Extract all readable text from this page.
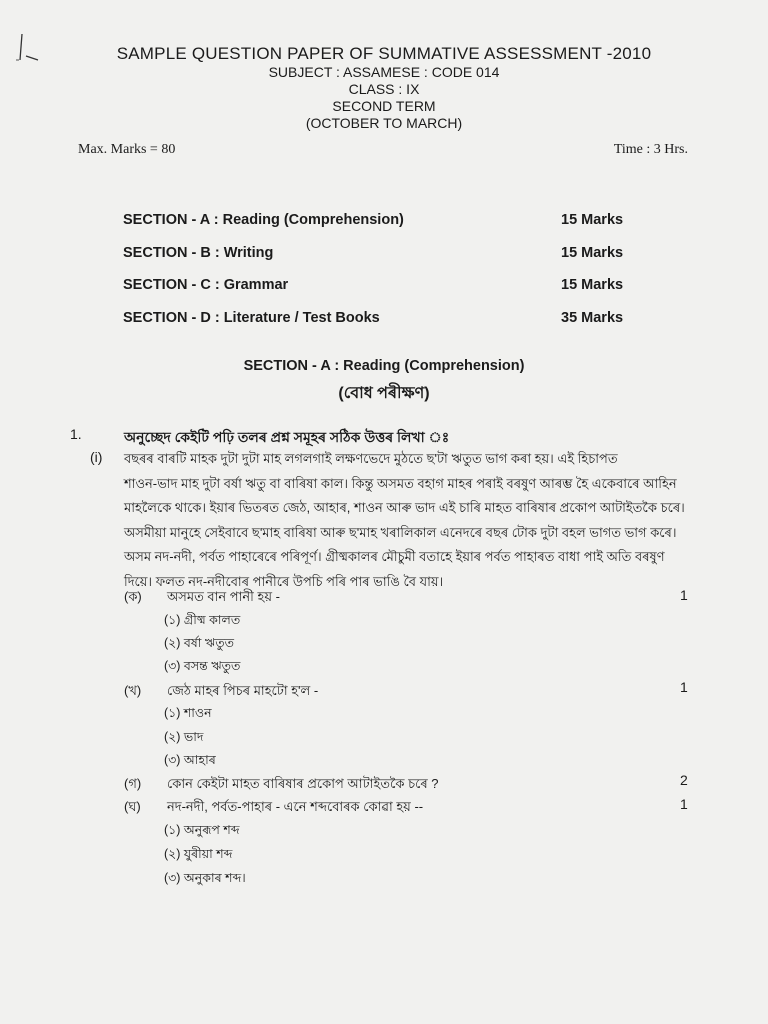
SAMPLE QUESTION PAPER OF SUMMATIVE ASSESSMENT -2010
SUBJECT : ASSAMESE : CODE 014
CLASS : IX
SECOND TERM
(OCTOBER TO MARCH)
Max. Marks = 80	Time : 3 Hrs.
SECTION - A : Reading (Comprehension)	15 Marks
SECTION - B : Writing	15 Marks
SECTION - C : Grammar	15 Marks
SECTION - D : Literature / Test Books	35 Marks
SECTION - A : Reading (Comprehension)
(বোধ পৰীক্ষণ)
1.	অনুচ্ছেদ কেইটি পঢ়ি তলৰ প্ৰশ্ন সমূহৰ সঠিক উত্তৰ লিখা ঃ
(i) বছৰৰ বাৰটি মাহক দুটা দুটা মাহ লগলগাই লক্ষণভেদে মুঠতে ছ'টা ঋতুত ভাগ কৰা হয়। এই হিচাপত
শাওন-ভাদ মাহ দুটা বৰ্ষা ঋতু বা বাৰিষা কাল। কিন্তু অসমত বহাগ মাহৰ পৰাই বৰষুণ আৰম্ভ হৈ একেবাৰে আহিন
মাহলৈকে থাকে। ইয়াৰ ভিতৰত জেঠ, আহাৰ, শাওন আৰু ভাদ এই চাৰি মাহত বাৰিষাৰ প্ৰকোপ আটাইতকৈ চৰে।
অসমীয়া মানুহে সেইবাবে ছ'মাহ বাৰিষা আৰু ছ'মাহ খৰালিকাল এনেদৰে বছৰ টোক দুটা বহল ভাগত ভাগ কৰে।
অসম নদ-নদী, পৰ্বত পাহাৰেৰে পৰিপূৰ্ণ। গ্ৰীষ্মকালৰ মৌচুমী বতাহে ইয়াৰ পৰ্বত পাহাৰত বাধা পাই অতি বৰষুণ
দিয়ে। ফলত নদ-নদীবোৰ পানীৰে উপচি পৰি পাৰ ভাঙি বৈ যায়।
(ক) অসমত বান পানী হয় -	1
(১) গ্ৰীষ্ম কালত
(২) বৰ্ষা ঋতুত
(৩) বসন্ত ঋতুত
(খ) জেঠ মাহৰ পিচৰ মাহটো হ'ল -	1
(১) শাওন
(২) ভাদ
(৩) আহাৰ
(গ) কোন কেইটা মাহত বাৰিষাৰ প্ৰকোপ আটাইতকৈ চৰে ?	2
(ঘ) নদ-নদী, পৰ্বত-পাহাৰ - এনে শব্দবোৰক কোৱা হয় --	1
(১) অনুৰূপ শব্দ
(২) যুৰীয়া শব্দ
(৩) অনুকাৰ শব্দ।
